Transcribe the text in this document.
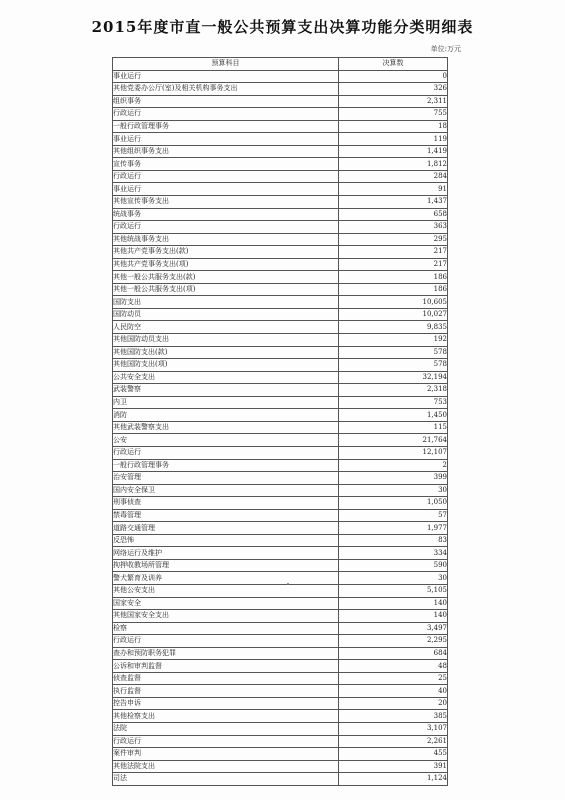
2015年度市直一般公共预算支出决算功能分类明细表
单位:万元
预算科目	决算数
事业运行	0
其他党委办公厅(室)及相关机构事务支出	326
组织事务	2,311
行政运行	755
一般行政管理事务	18
事业运行	119
其他组织事务支出	1,419
宣传事务	1,812
行政运行	284
事业运行	91
其他宣传事务支出	1,437
统战事务	658
行政运行	363
其他统战事务支出	295
其他共产党事务支出(款)	217
其他共产党事务支出(项)	217
其他一般公共服务支出(款)	186
其他一般公共服务支出(项)	186
国防支出	10,605
国防动员	10,027
人民防空	9,835
其他国防动员支出	192
其他国防支出(款)	578
其他国防支出(项)	578
公共安全支出	32,194
武装警察	2,318
内卫	753
消防	1,450
其他武装警察支出	115
公安	21,764
行政运行	12,107
一般行政管理事务	2
治安管理	399
国内安全保卫	30
刑事侦查	1,050
禁毒管理	57
道路交通管理	1,977
反恐怖	83
网络运行及维护	334
拘押收教场所管理	590
警犬繁育及训养	30
其他公安支出	5,105
国家安全	140
其他国家安全支出	140
检察	3,497
行政运行	2,295
查办和预防职务犯罪	684
公诉和审判监督	48
侦查监督	25
执行监督	40
控告申诉	20
其他检察支出	385
法院	3,107
行政运行	2,261
案件审判	455
其他法院支出	391
司法	1,124
